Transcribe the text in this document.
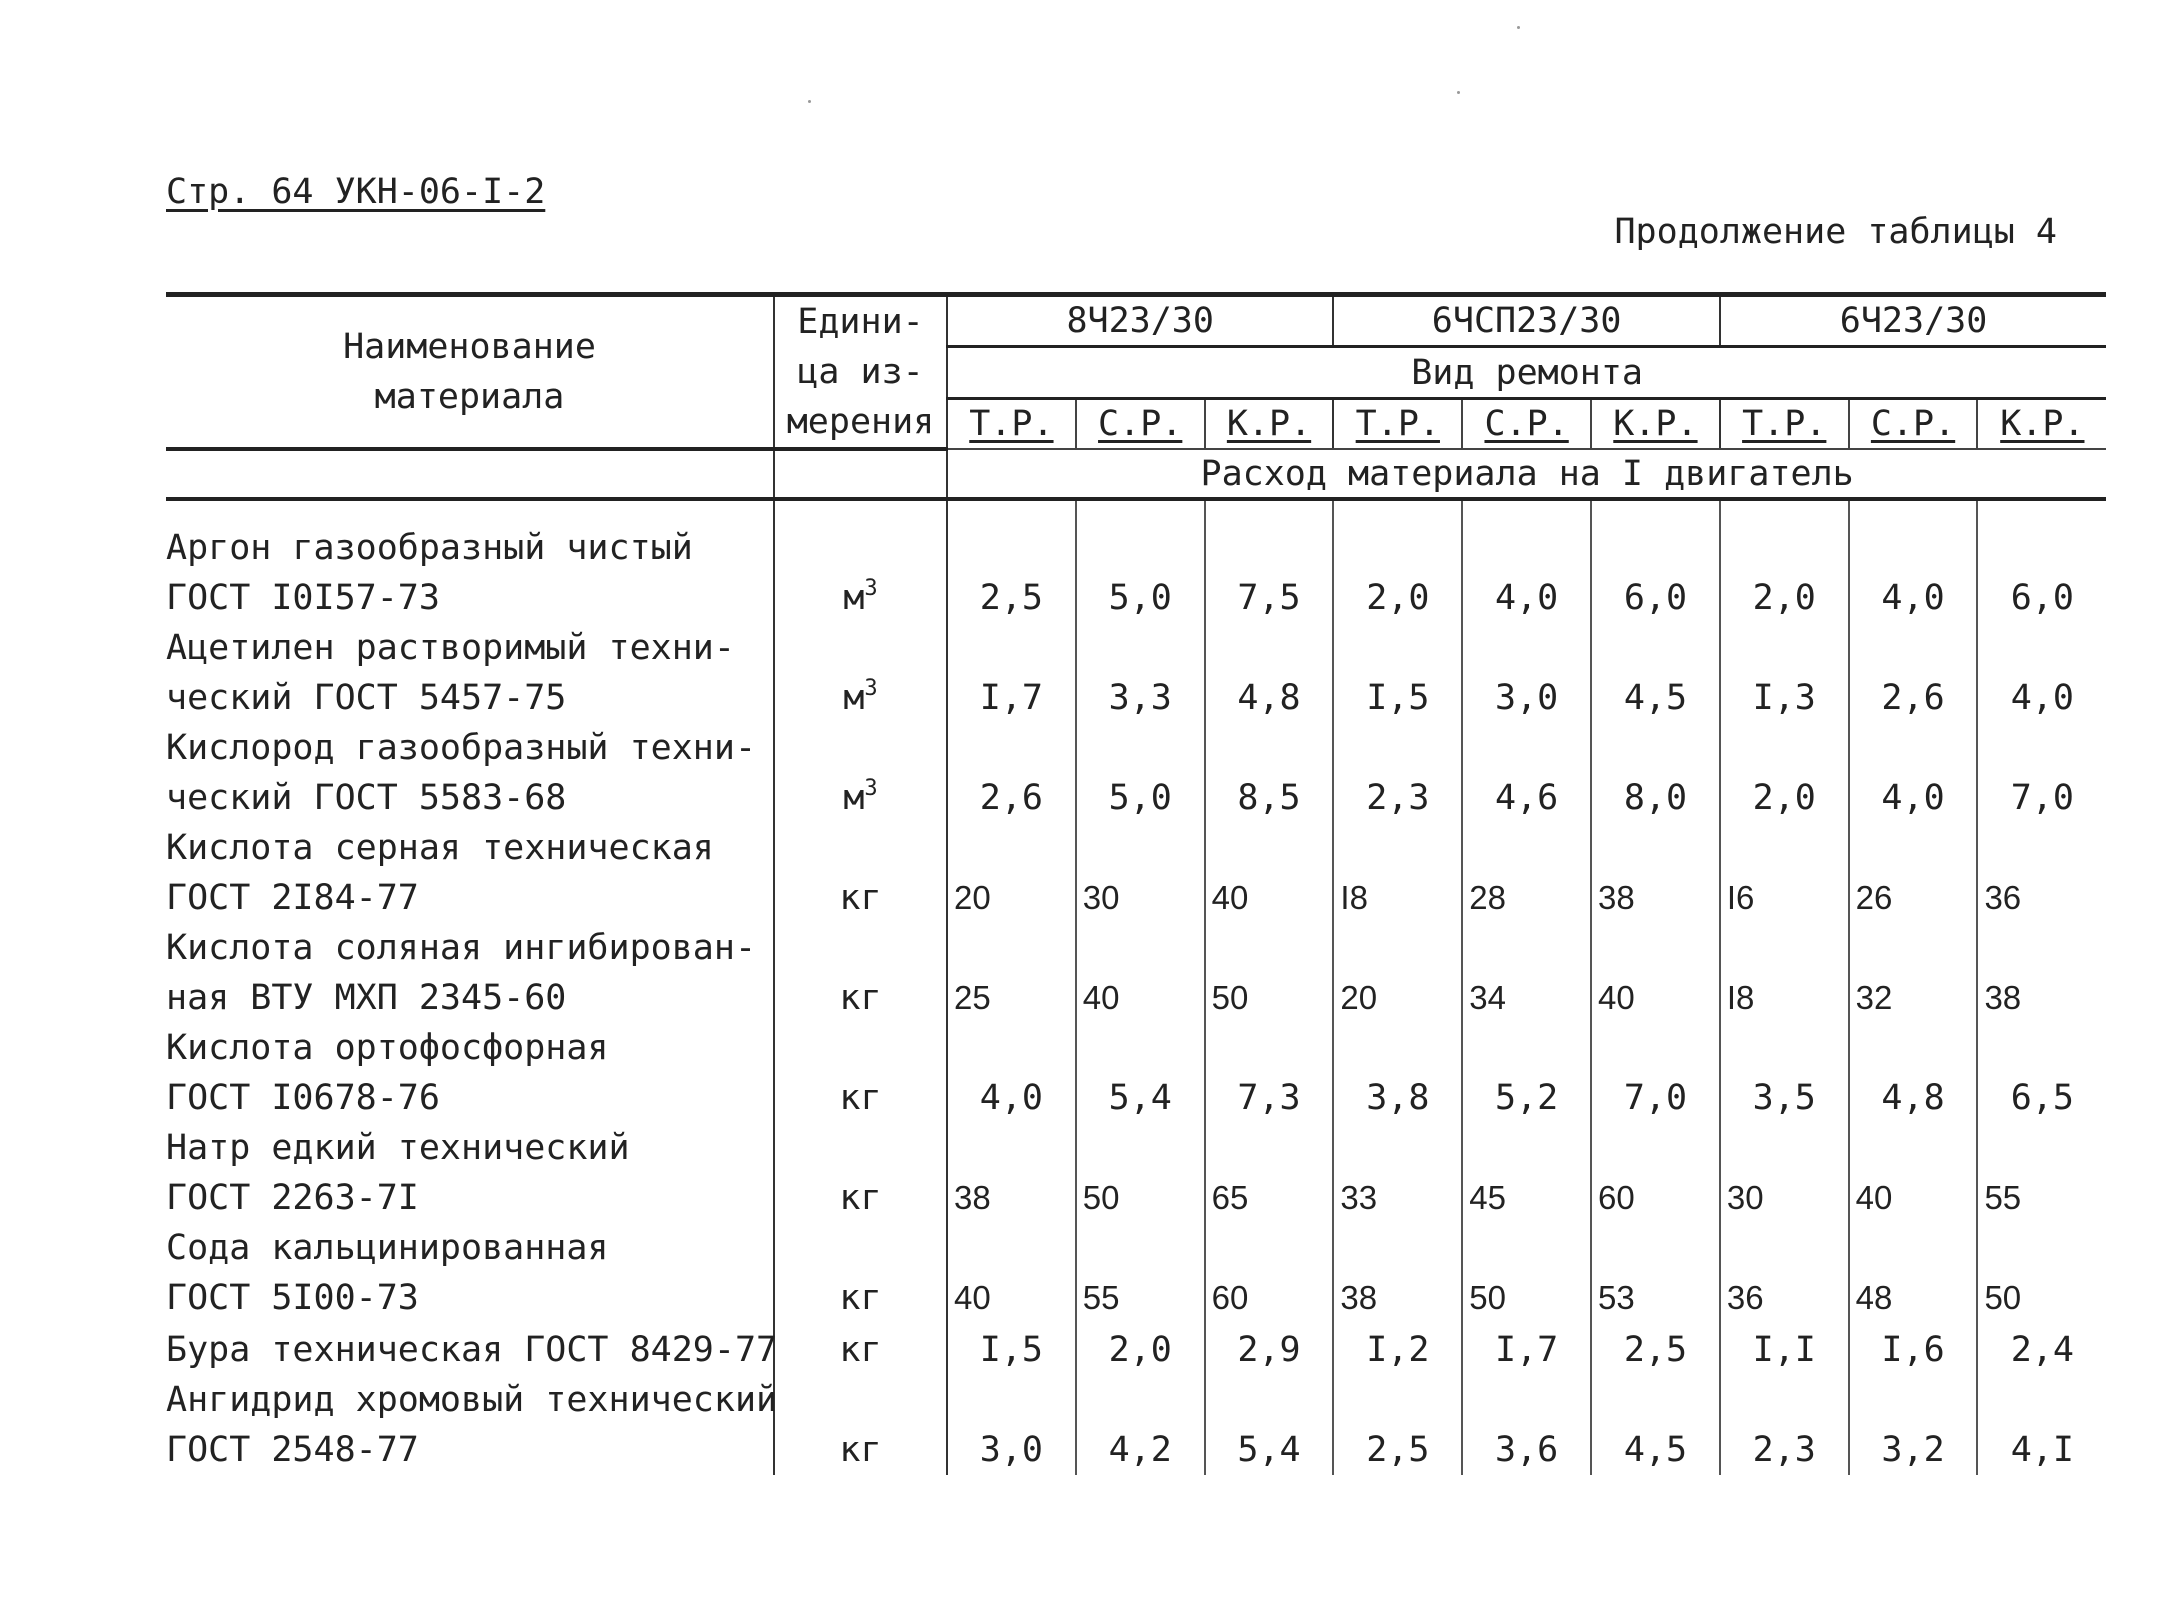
Стр. 64 УКН-06-I-2
Продолжение таблицы 4
Наименование
материала	Едини-
ца из-
мерения	8Ч23/30			6ЧСП23/30			6Ч23/30		
		Вид ремонта								
		Т.Р.	С.Р.	К.Р.	Т.Р.	С.Р.	К.Р.	Т.Р.	С.Р.	К.Р.
		Расход материала на I двигатель								

Аргон газообразный чистый
ГОСТ I0I57-73	$м^3$	2,5	5,0	7,5	2,0	4,0	6,0	2,0	4,0	6,0

Ацетилен растворимый техни-
ческий ГОСТ 5457-75	$м^3$	I,7	3,3	4,8	I,5	3,0	4,5	I,3	2,6	4,0

Кислород газообразный техни-
ческий ГОСТ 5583-68	$м^3$	2,6	5,0	8,5	2,3	4,6	8,0	2,0	4,0	7,0

Кислота серная техническая
ГОСТ 2I84-77	кг	20	30	40	I8	28	38	I6	26	36

Кислота соляная ингибирован-
ная ВТУ МХП 2345-60	кг	25	40	50	20	34	40	I8	32	38

Кислота ортофосфорная
ГОСТ I0678-76	кг	4,0	5,4	7,3	3,8	5,2	7,0	3,5	4,8	6,5

Натр едкий технический
ГОСТ 2263-7I	кг	38	50	65	33	45	60	30	40	55

Сода кальцинированная
ГОСТ 5I00-73	кг	40	55	60	38	50	53	36	48	50

Бура техническая ГОСТ 8429-77	кг	I,5	2,0	2,9	I,2	I,7	2,5	I,I	I,6	2,4

Ангидрид хромовый технический
ГОСТ 2548-77	кг	3,0	4,2	5,4	2,5	3,6	4,5	2,3	3,2	4,I
